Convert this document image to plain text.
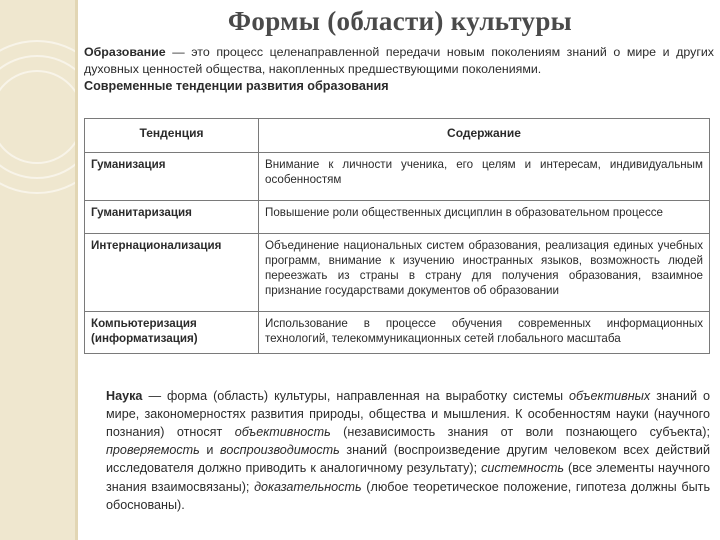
Формы (области) культуры

Образование — это процесс целенаправленной передачи новым поколениям знаний о мире и других духовных ценностей общества, накопленных предшествующими поколениями.

Современные тенденции развития образования

Тенденция	Содержание
Гуманизация	Внимание к личности ученика, его целям и интересам, индивидуальным особенностям
Гуманитаризация	Повышение роли общественных дисциплин в образовательном процессе
Интернационализация	Объединение национальных систем образования, реализация единых учебных программ, внимание к изучению иностранных языков, возможность людей переезжать из страны в страну для получения образования, взаимное признание государствами документов об образовании
Компьютеризация (информатизация)	Использование в процессе обучения современных информационных технологий, телекоммуникационных сетей глобального масштаба

Наука — форма (область) культуры, направленная на выработку системы объективных знаний о мире, закономерностях развития природы, общества и мышления. К особенностям науки (научного познания) относят объективность (независимость знания от воли познающего субъекта); проверяемость и воспроизводимость знаний (воспроизведение другим человеком всех действий исследователя должно приводить к аналогичному результату); системность (все элементы научного знания взаимосвязаны); доказательность (любое теоретическое положение, гипотеза должны быть обоснованы).
